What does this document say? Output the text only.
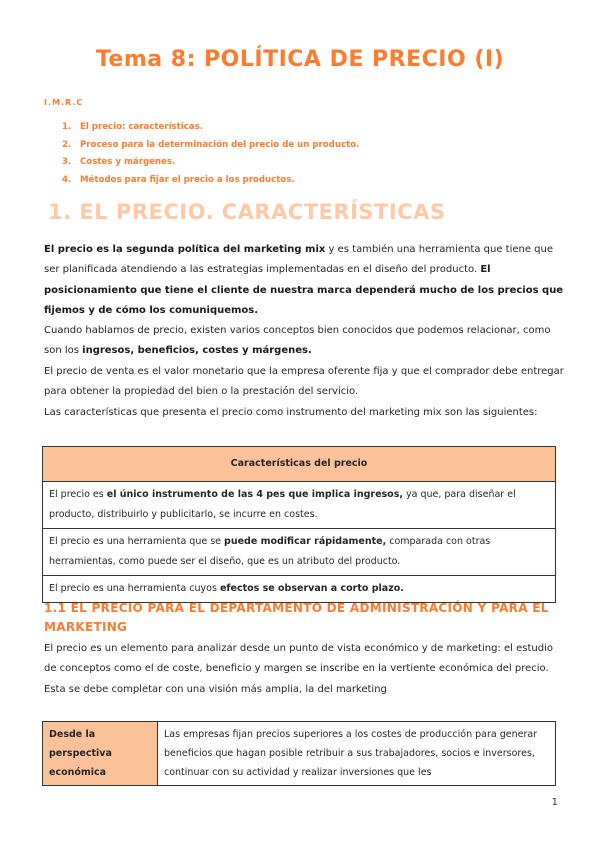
Tema 8: POLÍTICA DE PRECIO (I)
I.M.R.C
1. El precio: características.
2. Proceso para la determinación del precio de un producto.
3. Costes y márgenes.
4. Métodos para fijar el precio a los productos.
1. EL PRECIO. CARACTERÍSTICAS
El precio es la segunda política del marketing mix y es también una herramienta que tiene que ser planificada atendiendo a las estrategias implementadas en el diseño del producto. El posicionamiento que tiene el cliente de nuestra marca dependerá mucho de los precios que fijemos y de cómo los comuniquemos.
Cuando hablamos de precio, existen varios conceptos bien conocidos que podemos relacionar, como son los ingresos, beneficios, costes y márgenes.
El precio de venta es el valor monetario que la empresa oferente fija y que el comprador debe entregar para obtener la propiedad del bien o la prestación del servicio.
Las características que presenta el precio como instrumento del marketing mix son las siguientes:
Características del precio
El precio es el único instrumento de las 4 pes que implica ingresos, ya que, para diseñar el producto, distribuirlo y publicitarlo, se incurre en costes.
El precio es una herramienta que se puede modificar rápidamente, comparada con otras herramientas, como puede ser el diseño, que es un atributo del producto.
El precio es una herramienta cuyos efectos se observan a corto plazo.
1.1 EL PRECIO PARA EL DEPARTAMENTO DE ADMINISTRACIÓN Y PARA EL MARKETING
El precio es un elemento para analizar desde un punto de vista económico y de marketing: el estudio de conceptos como el de coste, beneficio y margen se inscribe en la vertiente económica del precio. Esta se debe completar con una visión más amplia, la del marketing
Desde la perspectiva económica	Las empresas fijan precios superiores a los costes de producción para generar beneficios que hagan posible retribuir a sus trabajadores, socios e inversores, continuar con su actividad y realizar inversiones que les
1
